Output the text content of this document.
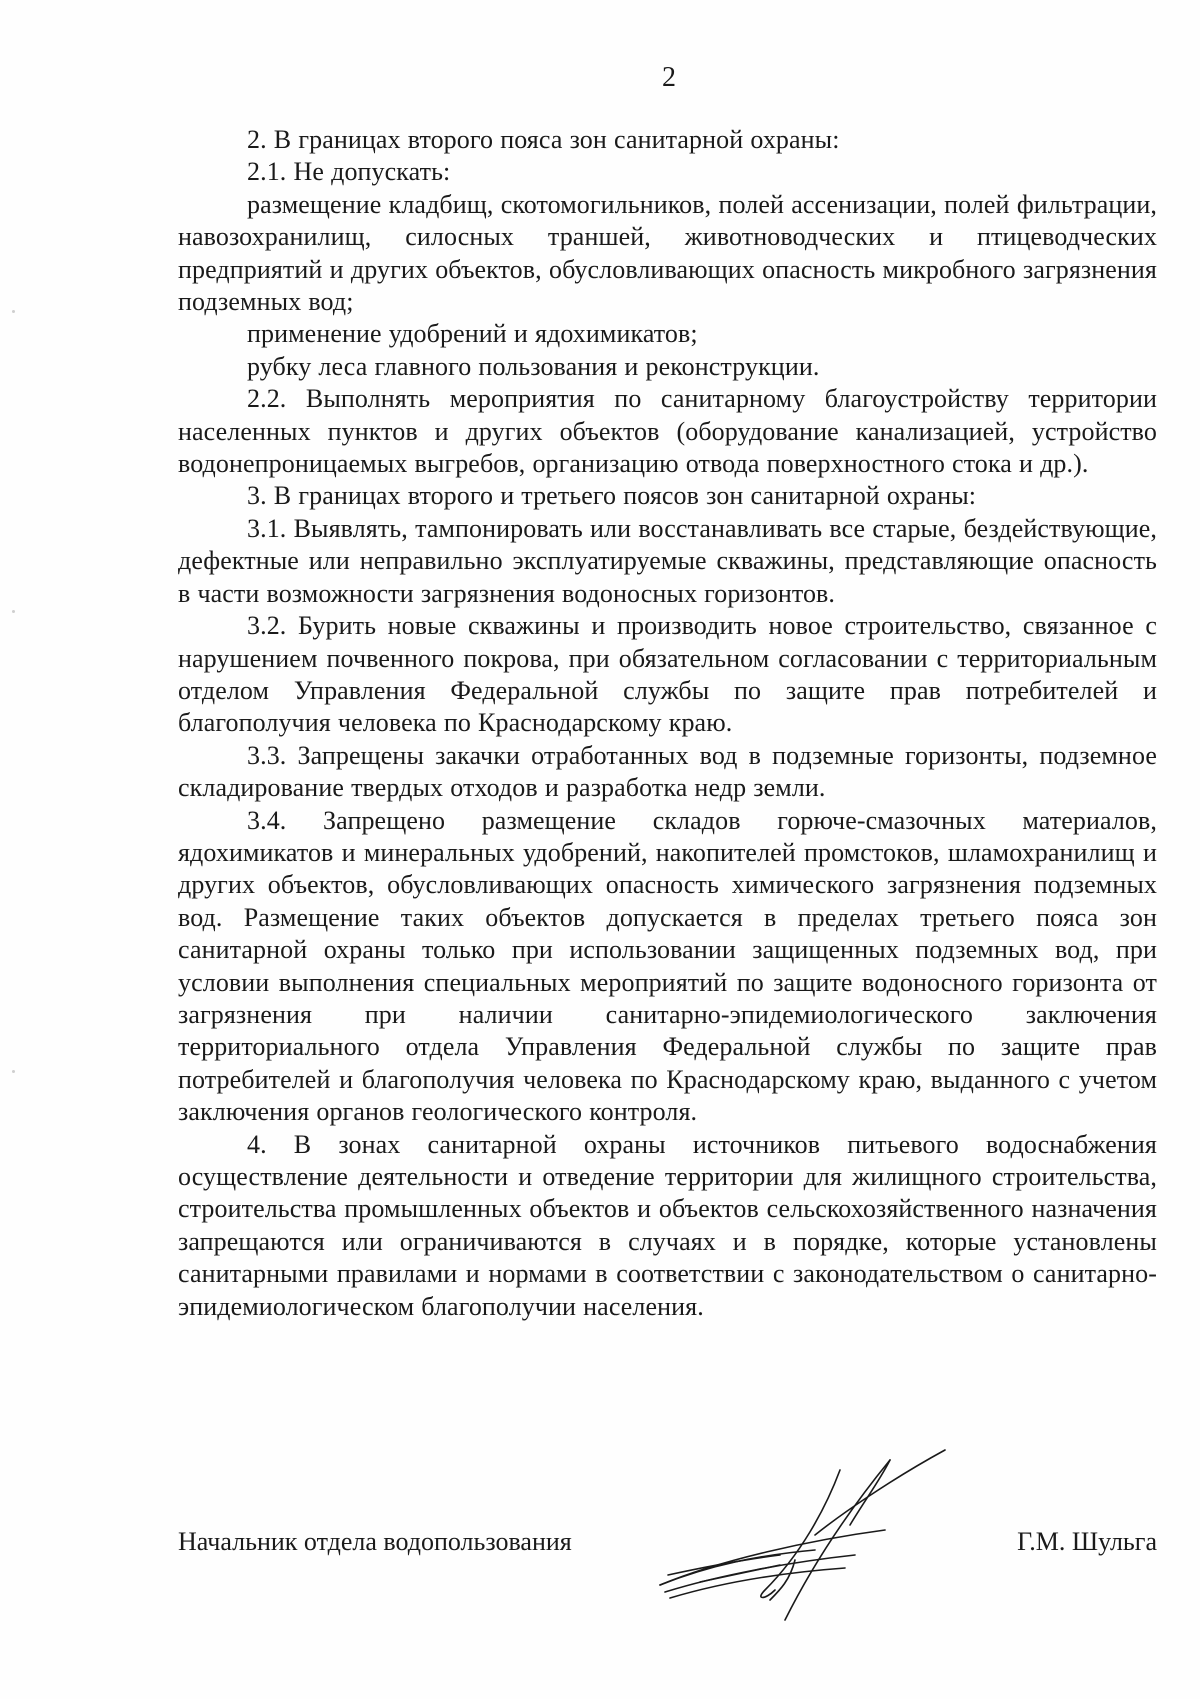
2

2. В границах второго пояса зон санитарной охраны:

2.1. Не допускать:

размещение кладбищ, скотомогильников, полей ассенизации, полей фильтрации, навозохранилищ, силосных траншей, животноводческих и птицеводческих предприятий и других объектов, обусловливающих опасность микробного загрязнения подземных вод;

применение удобрений и ядохимикатов;

рубку леса главного пользования и реконструкции.

2.2. Выполнять мероприятия по санитарному благоустройству территории населенных пунктов и других объектов (оборудование канализацией, устройство водонепроницаемых выгребов, организацию отвода поверхностного стока и др.).

3. В границах второго и третьего поясов зон санитарной охраны:

3.1. Выявлять, тампонировать или восстанавливать все старые, бездействующие, дефектные или неправильно эксплуатируемые скважины, представляющие опасность в части возможности загрязнения водоносных горизонтов.

3.2. Бурить новые скважины и производить новое строительство, связанное с нарушением почвенного покрова, при обязательном согласовании с территориальным отделом Управления Федеральной службы по защите прав потребителей и благополучия человека по Краснодарскому краю.

3.3. Запрещены закачки отработанных вод в подземные горизонты, подземное складирование твердых отходов и разработка недр земли.

3.4. Запрещено размещение складов горюче-смазочных материалов, ядохимикатов и минеральных удобрений, накопителей промстоков, шламохранилищ и других объектов, обусловливающих опасность химического загрязнения подземных вод. Размещение таких объектов допускается в пределах третьего пояса зон санитарной охраны только при использовании защищенных подземных вод, при условии выполнения специальных мероприятий по защите водоносного горизонта от загрязнения при наличии санитарно-эпидемиологического заключения территориального отдела Управления Федеральной службы по защите прав потребителей и благополучия человека по Краснодарскому краю, выданного с учетом заключения органов геологического контроля.

4. В зонах санитарной охраны источников питьевого водоснабжения осуществление деятельности и отведение территории для жилищного строительства, строительства промышленных объектов и объектов сельскохозяйственного назначения запрещаются или ограничиваются в случаях и в порядке, которые установлены санитарными правилами и нормами в соответствии с законодательством о санитарно-эпидемиологическом благополучии населения.

Начальник отдела водопользования	Г.М. Шульга
